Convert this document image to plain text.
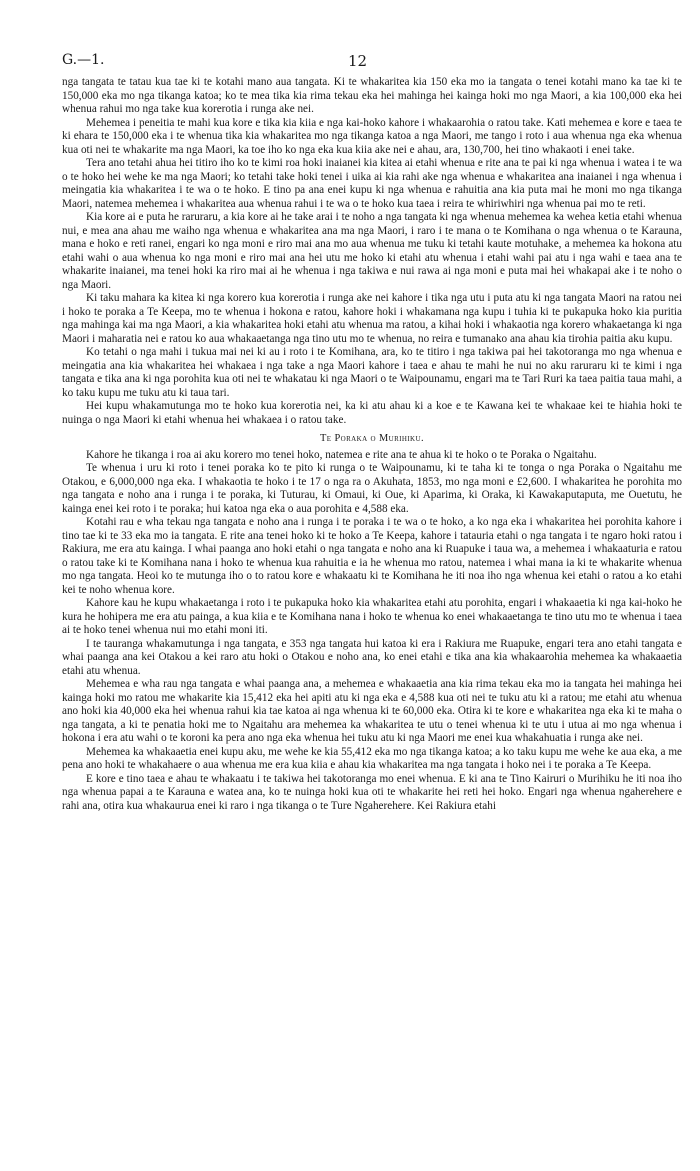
G.—1.	12

nga tangata te tatau kua tae ki te kotahi mano aua tangata. Ki te whakaritea kia 150 eka mo ia tangata o tenei kotahi mano ka tae ki te 150,000 eka mo nga tikanga katoa; ko te mea tika kia rima tekau eka hei mahinga hei kainga hoki mo nga Maori, a kia 100,000 eka hei whenua rahui mo nga take kua korerotia i runga ake nei.

Mehemea i peneitia te mahi kua kore e tika kia kiia e nga kai-hoko kahore i whakaarohia o ratou take. Kati mehemea e kore e taea te ki ehara te 150,000 eka i te whenua tika kia whakaritea mo nga tikanga katoa a nga Maori, me tango i roto i aua whenua nga eka whenua kua oti nei te whakarite ma nga Maori, ka toe iho ko nga eka kua kiia ake nei e ahau, ara, 130,700, hei tino whakaoti i enei take.

Tera ano tetahi ahua hei titiro iho ko te kimi roa hoki inaianei kia kitea ai etahi whenua e rite ana te pai ki nga whenua i watea i te wa o te hoko hei wehe ke ma nga Maori; ko tetahi take hoki tenei i uika ai kia rahi ake nga whenua e whakaritea ana inaianei i nga whenua i meingatia kia whakaritea i te wa o te hoko. E tino pa ana enei kupu ki nga whenua e rahuitia ana kia puta mai he moni mo nga tikanga Maori, natemea mehemea i whakaritea aua whenua rahui i te wa o te hoko kua taea i reira te whiriwhiri nga whenua pai mo te reti.

Kia kore ai e puta he raruraru, a kia kore ai he take arai i te noho a nga tangata ki nga whenua mehemea ka wehea ketia etahi whenua nui, e mea ana ahau me waiho nga whenua e whakaritea ana ma nga Maori, i raro i te mana o te Komihana o nga whenua o te Karauna, mana e hoko e reti ranei, engari ko nga moni e riro mai ana mo aua whenua me tuku ki tetahi kaute motuhake, a mehemea ka hokona atu etahi wahi o aua whenua ko nga moni e riro mai ana hei utu me hoko ki etahi atu whenua i etahi wahi pai atu i nga wahi e taea ana te whakarite inaianei, ma tenei hoki ka riro mai ai he whenua i nga takiwa e nui rawa ai nga moni e puta mai hei whakapai ake i te noho o nga Maori.

Ki taku mahara ka kitea ki nga korero kua korerotia i runga ake nei kahore i tika nga utu i puta atu ki nga tangata Maori na ratou nei i hoko te poraka a Te Keepa, mo te whenua i hokona e ratou, kahore hoki i whakamana nga kupu i tuhia ki te pukapuka hoko kia puritia nga mahinga kai ma nga Maori, a kia whakaritea hoki etahi atu whenua ma ratou, a kihai hoki i whakaotia nga korero whakaetanga ki nga Maori i maharatia nei e ratou ko aua whakaaetanga nga tino utu mo te whenua, no reira e tumanako ana ahau kia tirohia paitia aku kupu.

Ko tetahi o nga mahi i tukua mai nei ki au i roto i te Komihana, ara, ko te titiro i nga takiwa pai hei takotoranga mo nga whenua e meingatia ana kia whakaritea hei whakaea i nga take a nga Maori kahore i taea e ahau te mahi he nui no aku raruraru ki te kimi i nga tangata e tika ana ki nga porohita kua oti nei te whakatau ki nga Maori o te Waipounamu, engari ma te Tari Ruri ka taea paitia taua mahi, a ko taku kupu me tuku atu ki taua tari.

Hei kupu whakamutunga mo te hoko kua korerotia nei, ka ki atu ahau ki a koe e te Kawana kei te whakaae kei te hiahia hoki te nuinga o nga Maori ki etahi whenua hei whakaea i o ratou take.

Te Poraka o Murihiku.

Kahore he tikanga i roa ai aku korero mo tenei hoko, natemea e rite ana te ahua ki te hoko o te Poraka o Ngaitahu.

Te whenua i uru ki roto i tenei poraka ko te pito ki runga o te Waipounamu, ki te taha ki te tonga o nga Poraka o Ngaitahu me Otakou, e 6,000,000 nga eka. I whakaotia te hoko i te 17 o nga ra o Akuhata, 1853, mo nga moni e £2,600. I whakaritea he porohita mo nga tangata e noho ana i runga i te poraka, ki Tuturau, ki Omaui, ki Oue, ki Aparima, ki Oraka, ki Kawakaputaputa, me Ouetutu, he kainga enei kei roto i te poraka; hui katoa nga eka o aua porohita e 4,588 eka.

Kotahi rau e wha tekau nga tangata e noho ana i runga i te poraka i te wa o te hoko, a ko nga eka i whakaritea hei porohita kahore i tino tae ki te 33 eka mo ia tangata. E rite ana tenei hoko ki te hoko a Te Keepa, kahore i tatauria etahi o nga tangata i te ngaro hoki ratou i Rakiura, me era atu kainga. I whai paanga ano hoki etahi o nga tangata e noho ana ki Ruapuke i taua wa, a mehemea i whakaaturia e ratou o ratou take ki te Komihana nana i hoko te whenua kua rahuitia e ia he whenua mo ratou, natemea i whai mana ia ki te whakarite whenua mo nga tangata. Heoi ko te mutunga iho o to ratou kore e whakaatu ki te Komihana he iti noa iho nga whenua kei etahi o ratou a ko etahi kei te noho whenua kore.

Kahore kau he kupu whakaetanga i roto i te pukapuka hoko kia whakaritea etahi atu porohita, engari i whakaaetia ki nga kai-hoko he kura he hohipera me era atu painga, a kua kiia e te Komihana nana i hoko te whenua ko enei whakaaetanga te tino utu mo te whenua i taea ai te hoko tenei whenua nui mo etahi moni iti.

I te tauranga whakamutunga i nga tangata, e 353 nga tangata hui katoa ki era i Rakiura me Ruapuke, engari tera ano etahi tangata e whai paanga ana kei Otakou a kei raro atu hoki o Otakou e noho ana, ko enei etahi e tika ana kia whakaarohia mehemea ka whakaaetia etahi atu whenua.

Mehemea e wha rau nga tangata e whai paanga ana, a mehemea e whakaaetia ana kia rima tekau eka mo ia tangata hei mahinga hei kainga hoki mo ratou me whakarite kia 15,412 eka hei apiti atu ki nga eka e 4,588 kua oti nei te tuku atu ki a ratou; me etahi atu whenua ano hoki kia 40,000 eka hei whenua rahui kia tae katoa ai nga whenua ki te 60,000 eka. Otira ki te kore e whakaritea nga eka ki te maha o nga tangata, a ki te penatia hoki me to Ngaitahu ara mehemea ka whakaritea te utu o tenei whenua ki te utu i utua ai mo nga whenua i hokona i era atu wahi o te koroni ka pera ano nga eka whenua hei tuku atu ki nga Maori me enei kua whakahuatia i runga ake nei.

Mehemea ka whakaaetia enei kupu aku, me wehe ke kia 55,412 eka mo nga tikanga katoa; a ko taku kupu me wehe ke aua eka, a me pena ano hoki te whakahaere o aua whenua me era kua kiia e ahau kia whakaritea ma nga tangata i hoko nei i te poraka a Te Keepa.

E kore e tino taea e ahau te whakaatu i te takiwa hei takotoranga mo enei whenua. E ki ana te Tino Kairuri o Murihiku he iti noa iho nga whenua papai a te Karauna e watea ana, ko te nuinga hoki kua oti te whakarite hei reti hei hoko. Engari nga whenua ngaherehere e rahi ana, otira kua whakaurua enei ki raro i nga tikanga o te Ture Ngaherehere. Kei Rakiura etahi
